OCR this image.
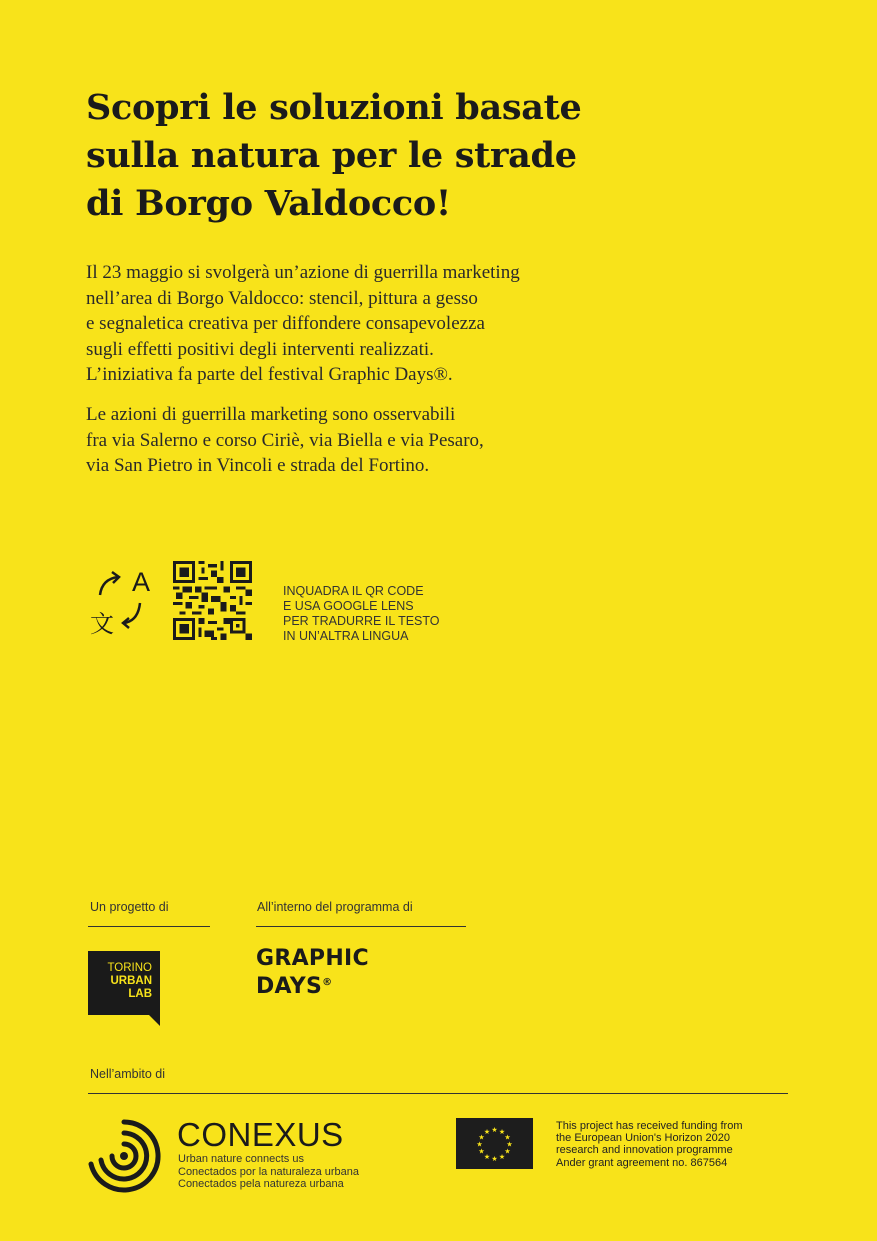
Scopri le soluzioni basate
sulla natura per le strade
di Borgo Valdocco!
Il 23 maggio si svolgerà un’azione di guerrilla marketing
nell’area di Borgo Valdocco: stencil, pittura a gesso
e segnaletica creativa per diffondere consapevolezza
sugli effetti positivi degli interventi realizzati.
L’iniziativa fa parte del festival Graphic Days®.
Le azioni di guerrilla marketing sono osservabili
fra via Salerno e corso Ciriè, via Biella e via Pesaro,
via San Pietro in Vincoli e strada del Fortino.
A
文
INQUADRA IL QR CODE
E USA GOOGLE LENS
PER TRADURRE IL TESTO
IN UN’ALTRA LINGUA
Un progetto di	All’interno del programma di
TORINO
URBAN
LAB
GRAPHIC
DAYS®
Nell’ambito di
CONEXUS
Urban nature connects us
Conectados por la naturaleza urbana
Conectados pela natureza urbana
★ ★
★
★
★
★
★
★
★
★
★
★	This project has received funding from
the European Union's Horizon 2020
research and innovation programme
Ander grant agreement no. 867564
